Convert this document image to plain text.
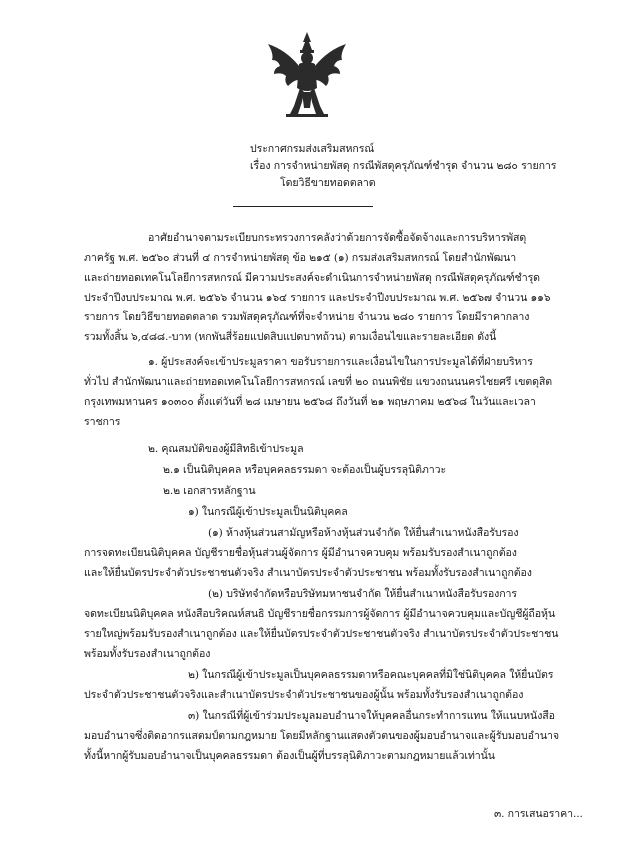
ประกาศกรมส่งเสริมสหกรณ์
เรื่อง การจำหน่ายพัสดุ กรณีพัสดุครุภัณฑ์ชำรุด จำนวน ๒๘๐ รายการ
โดยวิธีขายทอดตลาด
อาศัยอำนาจตามระเบียบกระทรวงการคลังว่าด้วยการจัดซื้อจัดจ้างและการบริหารพัสดุ
ภาครัฐ พ.ศ. ๒๕๖๐ ส่วนที่ ๔ การจำหน่ายพัสดุ ข้อ ๒๑๕ (๑) กรมส่งเสริมสหกรณ์ โดยสำนักพัฒนา
และถ่ายทอดเทคโนโลยีการสหกรณ์ มีความประสงค์จะดำเนินการจำหน่ายพัสดุ กรณีพัสดุครุภัณฑ์ชำรุด
ประจำปีงบประมาณ พ.ศ. ๒๕๖๖ จำนวน ๑๖๔ รายการ และประจำปีงบประมาณ พ.ศ. ๒๕๖๗ จำนวน ๑๑๖
รายการ โดยวิธีขายทอดตลาด รวมพัสดุครุภัณฑ์ที่จะจำหน่าย จำนวน ๒๘๐ รายการ โดยมีราคากลาง
รวมทั้งสิ้น ๖,๔๘๘.-บาท (หกพันสี่ร้อยแปดสิบแปดบาทถ้วน) ตามเงื่อนไขและรายละเอียด ดังนี้
๑. ผู้ประสงค์จะเข้าประมูลราคา ขอรับรายการและเงื่อนไขในการประมูลได้ที่ฝ่ายบริหาร
ทั่วไป สำนักพัฒนาและถ่ายทอดเทคโนโลยีการสหกรณ์ เลขที่ ๒๐ ถนนพิชัย แขวงถนนนครไชยศรี เขตดุสิต
กรุงเทพมหานคร ๑๐๓๐๐ ตั้งแต่วันที่ ๒๘ เมษายน ๒๕๖๘ ถึงวันที่ ๒๑ พฤษภาคม ๒๕๖๘ ในวันและเวลา
ราชการ
๒. คุณสมบัติของผู้มีสิทธิเข้าประมูล
๒.๑ เป็นนิติบุคคล หรือบุคคลธรรมดา จะต้องเป็นผู้บรรลุนิติภาวะ
๒.๒ เอกสารหลักฐาน
๑) ในกรณีผู้เข้าประมูลเป็นนิติบุคคล
(๑) ห้างหุ้นส่วนสามัญหรือห้างหุ้นส่วนจำกัด ให้ยื่นสำเนาหนังสือรับรอง
การจดทะเบียนนิติบุคคล บัญชีรายชื่อหุ้นส่วนผู้จัดการ ผู้มีอำนาจควบคุม พร้อมรับรองสำเนาถูกต้อง
และให้ยื่นบัตรประจำตัวประชาชนตัวจริง สำเนาบัตรประจำตัวประชาชน พร้อมทั้งรับรองสำเนาถูกต้อง
(๒) บริษัทจำกัดหรือบริษัทมหาชนจำกัด ให้ยื่นสำเนาหนังสือรับรองการ
จดทะเบียนนิติบุคคล หนังสือบริคณห์สนธิ บัญชีรายชื่อกรรมการผู้จัดการ ผู้มีอำนาจควบคุมและบัญชีผู้ถือหุ้น
รายใหญ่พร้อมรับรองสำเนาถูกต้อง และให้ยื่นบัตรประจำตัวประชาชนตัวจริง สำเนาบัตรประจำตัวประชาชน
พร้อมทั้งรับรองสำเนาถูกต้อง
๒) ในกรณีผู้เข้าประมูลเป็นบุคคลธรรมดาหรือคณะบุคคลที่มิใช่นิติบุคคล ให้ยื่นบัตร
ประจำตัวประชาชนตัวจริงและสำเนาบัตรประจำตัวประชาชนของผู้นั้น พร้อมทั้งรับรองสำเนาถูกต้อง
๓) ในกรณีที่ผู้เข้าร่วมประมูลมอบอำนาจให้บุคคลอื่นกระทำการแทน ให้แนบหนังสือ
มอบอำนาจซึ่งติดอากรแสตมป์ตามกฎหมาย โดยมีหลักฐานแสดงตัวตนของผู้มอบอำนาจและผู้รับมอบอำนาจ
ทั้งนี้หากผู้รับมอบอำนาจเป็นบุคคลธรรมดา ต้องเป็นผู้ที่บรรลุนิติภาวะตามกฎหมายแล้วเท่านั้น
๓. การเสนอราคา...
